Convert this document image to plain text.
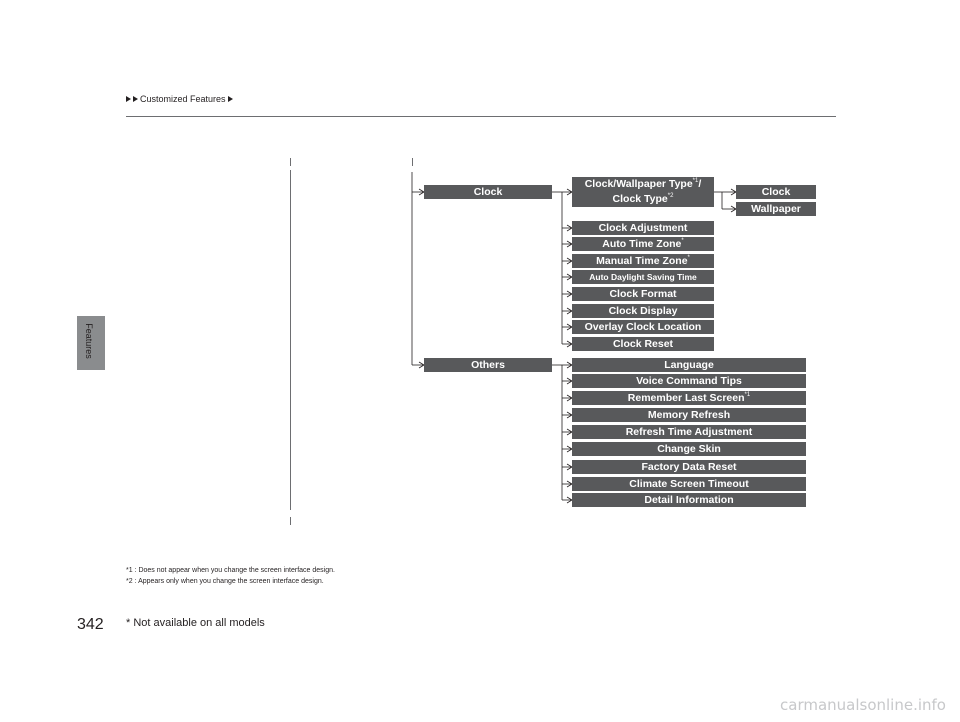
Customized Features
Features
Clock
Others
Clock/Wallpaper Type$^{*1}$/
Clock Type$^{*2}$	Clock
Wallpaper
Clock Adjustment
Auto Time Zone*
Manual Time Zone*
Auto Daylight Saving Time
Clock Format
Clock Display
Overlay Clock Location
Clock Reset
Language
Voice Command Tips
Remember Last Screen$^{*1}$
Memory Refresh
Refresh Time Adjustment
Change Skin
Factory Data Reset
Climate Screen Timeout
Detail Information
*1 : Does not appear when you change the screen interface design.
*2 : Appears only when you change the screen interface design.
342 * Not available on all models
carmanualsonline.info
